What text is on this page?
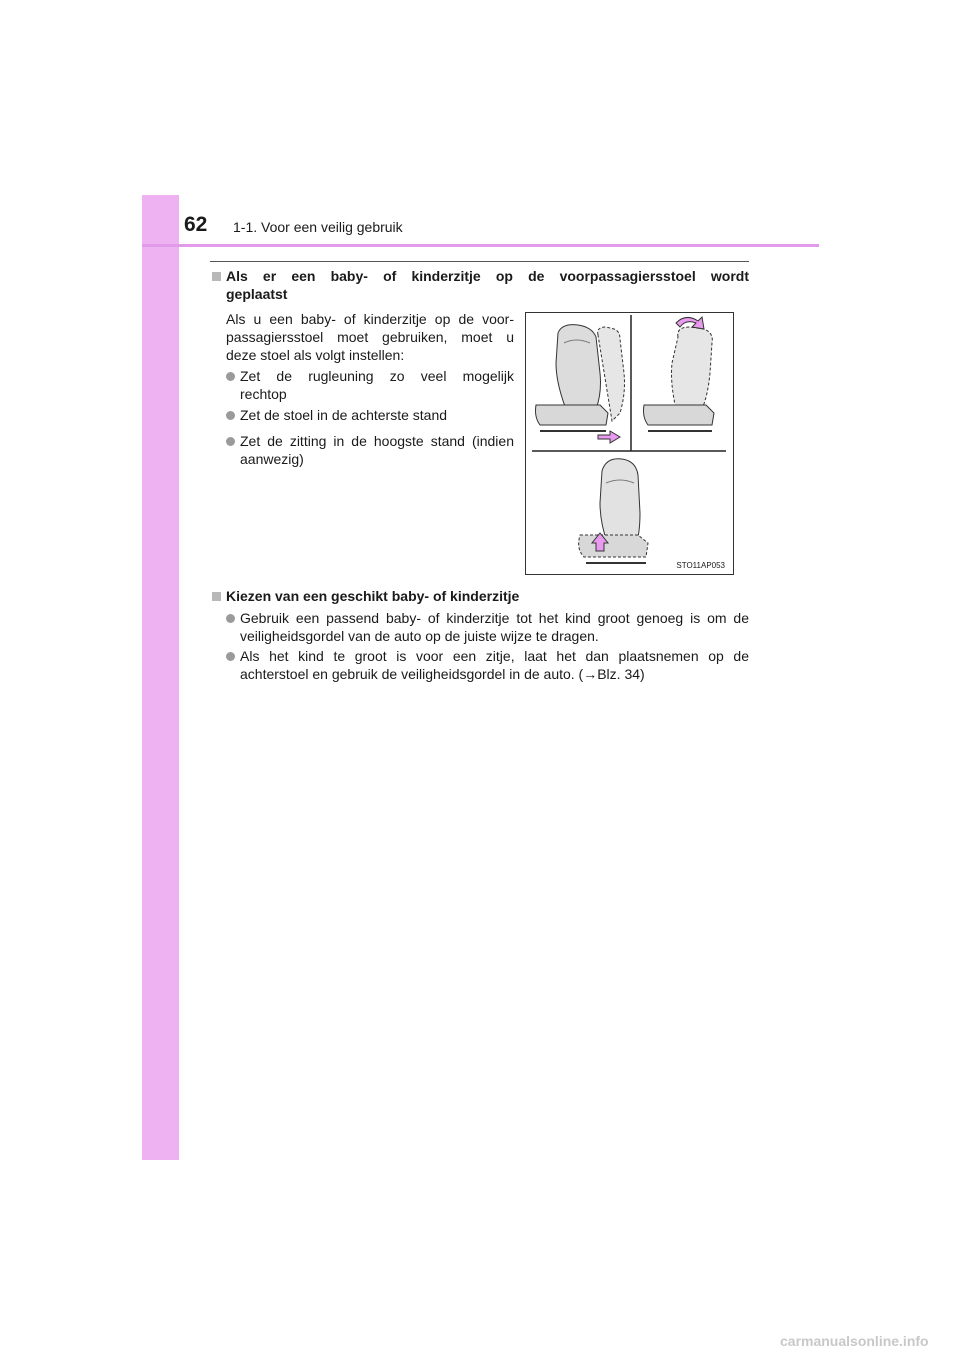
62 1-1. Voor een veilig gebruik
Als er een baby- of kinderzitje op de voorpassagiersstoel wordt
geplaatst
Als u een baby- of kinderzitje op de voor-
passagiersstoel moet gebruiken, moet u
deze stoel als volgt instellen:
Zet de rugleuning zo veel mogelijk
rechtop
Zet de stoel in de achterste stand
Zet de zitting in de hoogste stand (indien
aanwezig)
STO11AP053
Kiezen van een geschikt baby- of kinderzitje
Gebruik een passend baby- of kinderzitje tot het kind groot genoeg is om de
veiligheidsgordel van de auto op de juiste wijze te dragen.
Als het kind te groot is voor een zitje, laat het dan plaatsnemen op de
achterstoel en gebruik de veiligheidsgordel in de auto. (→Blz. 34)
carmanualsonline.info
